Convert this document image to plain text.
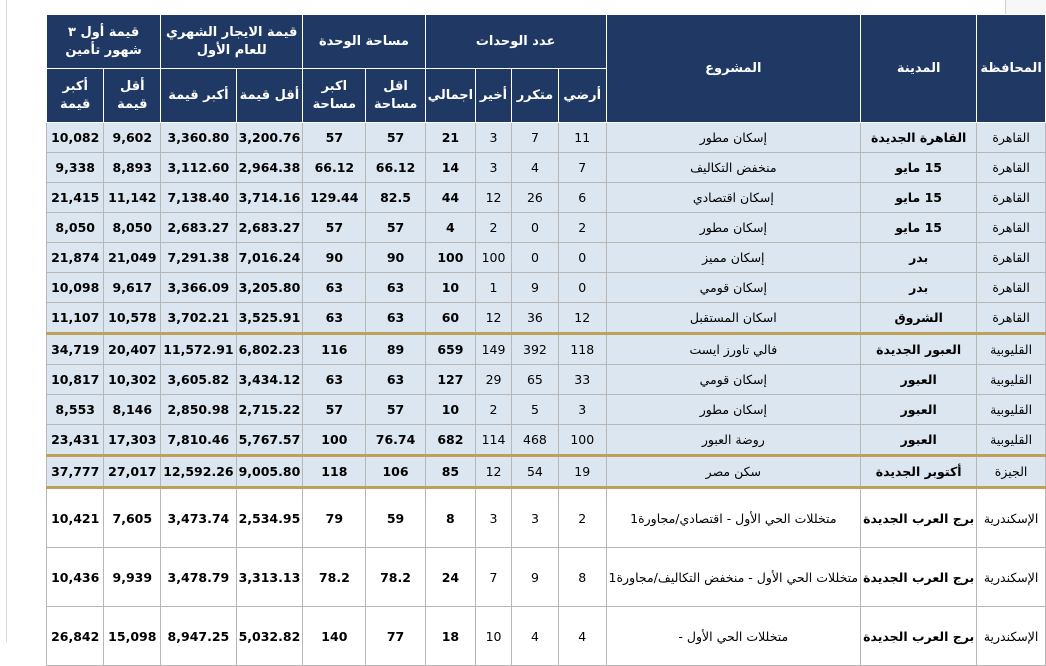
المحافظة	المدينة	المشروع	عدد الوحدات				مساحة الوحدة		قيمة الايجار الشهري للعام الأول		قيمة أول ٣ شهور تأمين	
			أرضي	متكرر	أخير	اجمالي	اقل مساحة	اكبر مساحة	أقل قيمة	أكبر قيمة	أقل قيمة	أكبر قيمة
القاهرة	القاهرة الجديدة	إسكان مطور	11	7	3	21	57	57	3,200.76	3,360.80	9,602	10,082
القاهرة	15 مايو	منخفض التكاليف	7	4	3	14	66.12	66.12	2,964.38	3,112.60	8,893	9,338
القاهرة	15 مايو	إسكان اقتصادي	6	26	12	44	82.5	129.44	3,714.16	7,138.40	11,142	21,415
القاهرة	15 مايو	إسكان مطور	2	0	2	4	57	57	2,683.27	2,683.27	8,050	8,050
القاهرة	بدر	إسكان مميز	0	0	100	100	90	90	7,016.24	7,291.38	21,049	21,874
القاهرة	بدر	إسكان قومي	0	9	1	10	63	63	3,205.80	3,366.09	9,617	10,098
القاهرة	الشروق	اسكان المستقبل	12	36	12	60	63	63	3,525.91	3,702.21	10,578	11,107
القليوبية	العبور الجديدة	فالي تاورز ايست	118	392	149	659	89	116	6,802.23	11,572.91	20,407	34,719
القليوبية	العبور	إسكان قومي	33	65	29	127	63	63	3,434.12	3,605.82	10,302	10,817
القليوبية	العبور	إسكان مطور	3	5	2	10	57	57	2,715.22	2,850.98	8,146	8,553
القليوبية	العبور	روضة العبور	100	468	114	682	76.74	100	5,767.57	7,810.46	17,303	23,431
الجيزة	أكتوبر الجديدة	سكن مصر	19	54	12	85	106	118	9,005.80	12,592.26	27,017	37,777
الإسكندرية	برج العرب الجديدة	متخللات الحي الأول - اقتصادي/مجاورة1	2	3	3	8	59	79	2,534.95	3,473.74	7,605	10,421
الإسكندرية	برج العرب الجديدة	متخللات الحي الأول - منخفض التكاليف/مجاورة1	8	9	7	24	78.2	78.2	3,313.13	3,478.79	9,939	10,436
الإسكندرية	برج العرب الجديدة	متخللات الحي الأول -	4	4	10	18	77	140	5,032.82	8,947.25	15,098	26,842
